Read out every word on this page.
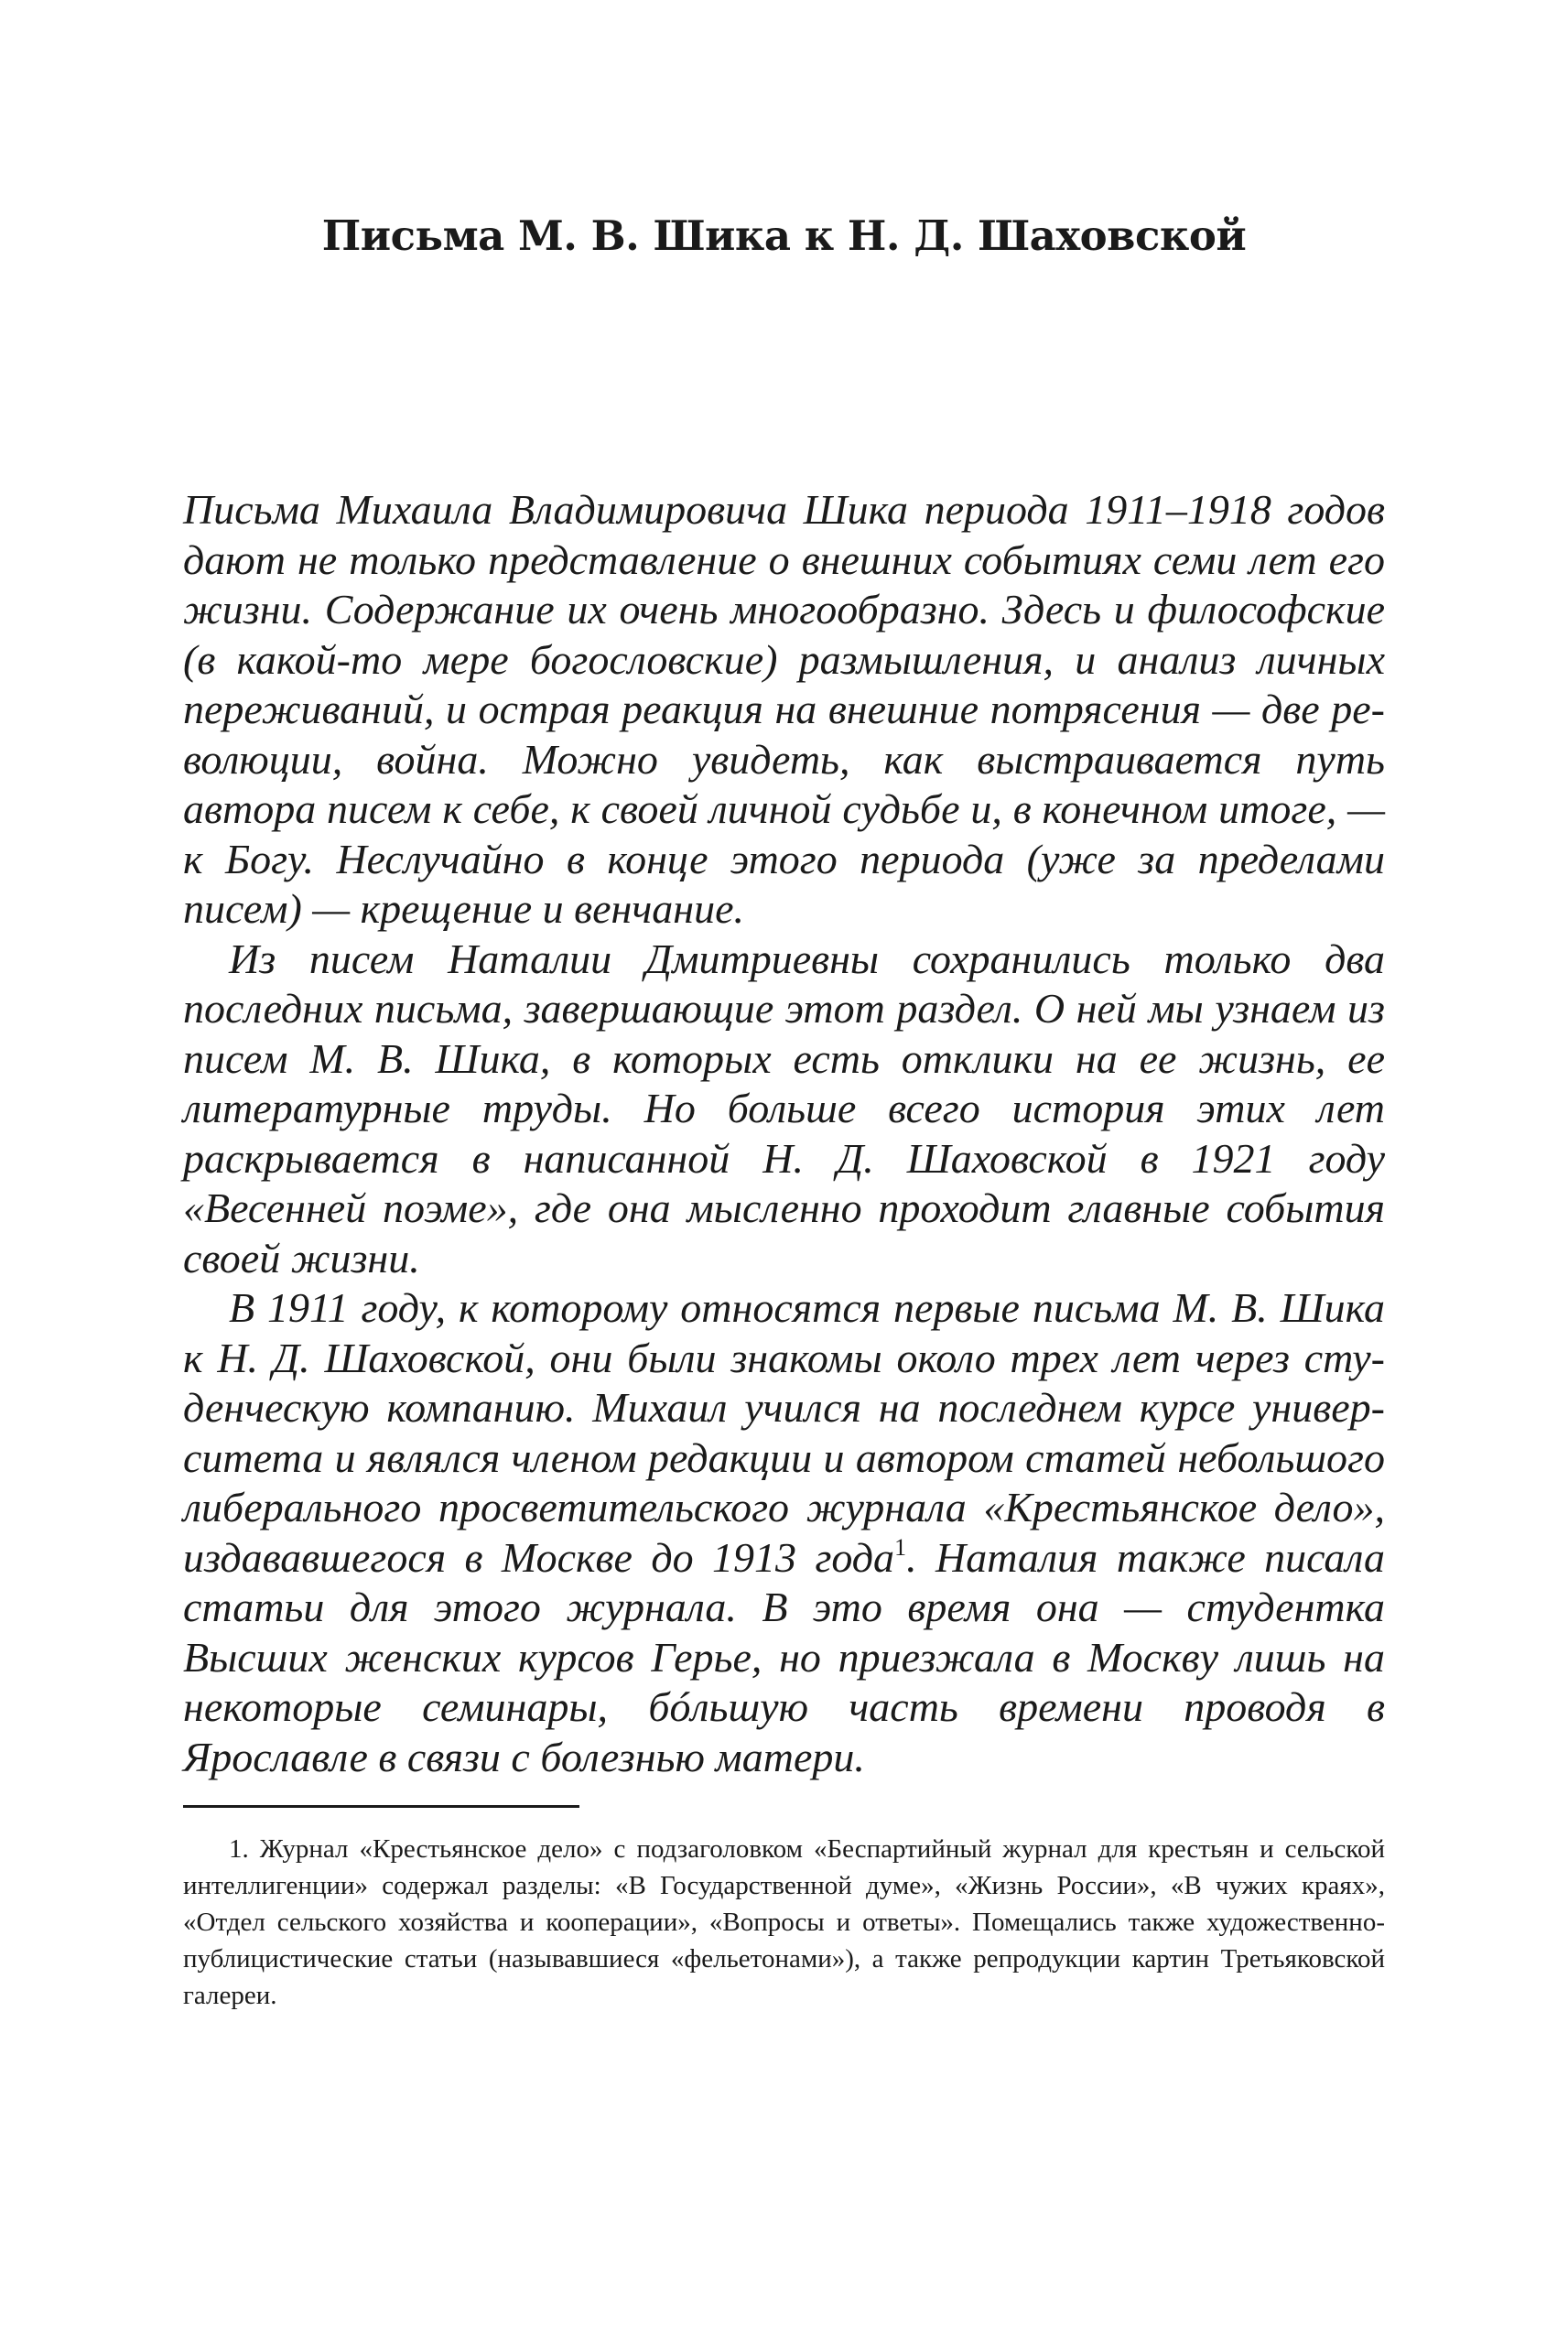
Письма М. В. Шика к Н. Д. Шаховской

Письма Михаила Владимировича Шика периода 1911–1918 годов дают не только представление о внешних событиях семи лет его жизни. Содержание их очень многообразно. Здесь и философские (в какой-то мере богословские) размышления, и анализ личных переживаний, и острая реакция на внешние потрясения — две революции, война. Можно увидеть, как выстраивается путь автора писем к себе, к своей личной судьбе и, в конечном итоге, — к Богу. Неслучайно в конце этого периода (уже за пределами писем) — крещение и венчание.

Из писем Наталии Дмитриевны сохранились только два последних письма, завершающие этот раздел. О ней мы узнаем из писем М. В. Шика, в которых есть отклики на ее жизнь, ее литературные труды. Но больше всего история этих лет раскрывается в написанной Н. Д. Шаховской в 1921 году «Весенней поэме», где она мысленно проходит главные события своей жизни.

В 1911 году, к которому относятся первые письма М. В. Шика к Н. Д. Шаховской, они были знакомы около трех лет через студенческую компанию. Михаил учился на последнем курсе университета и являлся членом редакции и автором статей небольшого либерального просветительского журнала «Крестьянское дело», издававшегося в Москве до 1913 года$^1$. Наталия также писала статьи для этого журнала. В это время она — студентка Высших женских курсов Герье, но приезжала в Москву лишь на некоторые семинары, бóльшую часть времени проводя в Ярославле в связи с болезнью матери.

1. Журнал «Крестьянское дело» с подзаголовком «Беспартийный журнал для крестьян и сельской интеллигенции» содержал разделы: «В Государственной думе», «Жизнь России», «В чужих краях», «Отдел сельского хозяйства и кооперации», «Вопросы и ответы». Помещались также художественно-публицистические статьи (называвшиеся «фельетонами»), а также репродукции картин Третьяковской галереи.
